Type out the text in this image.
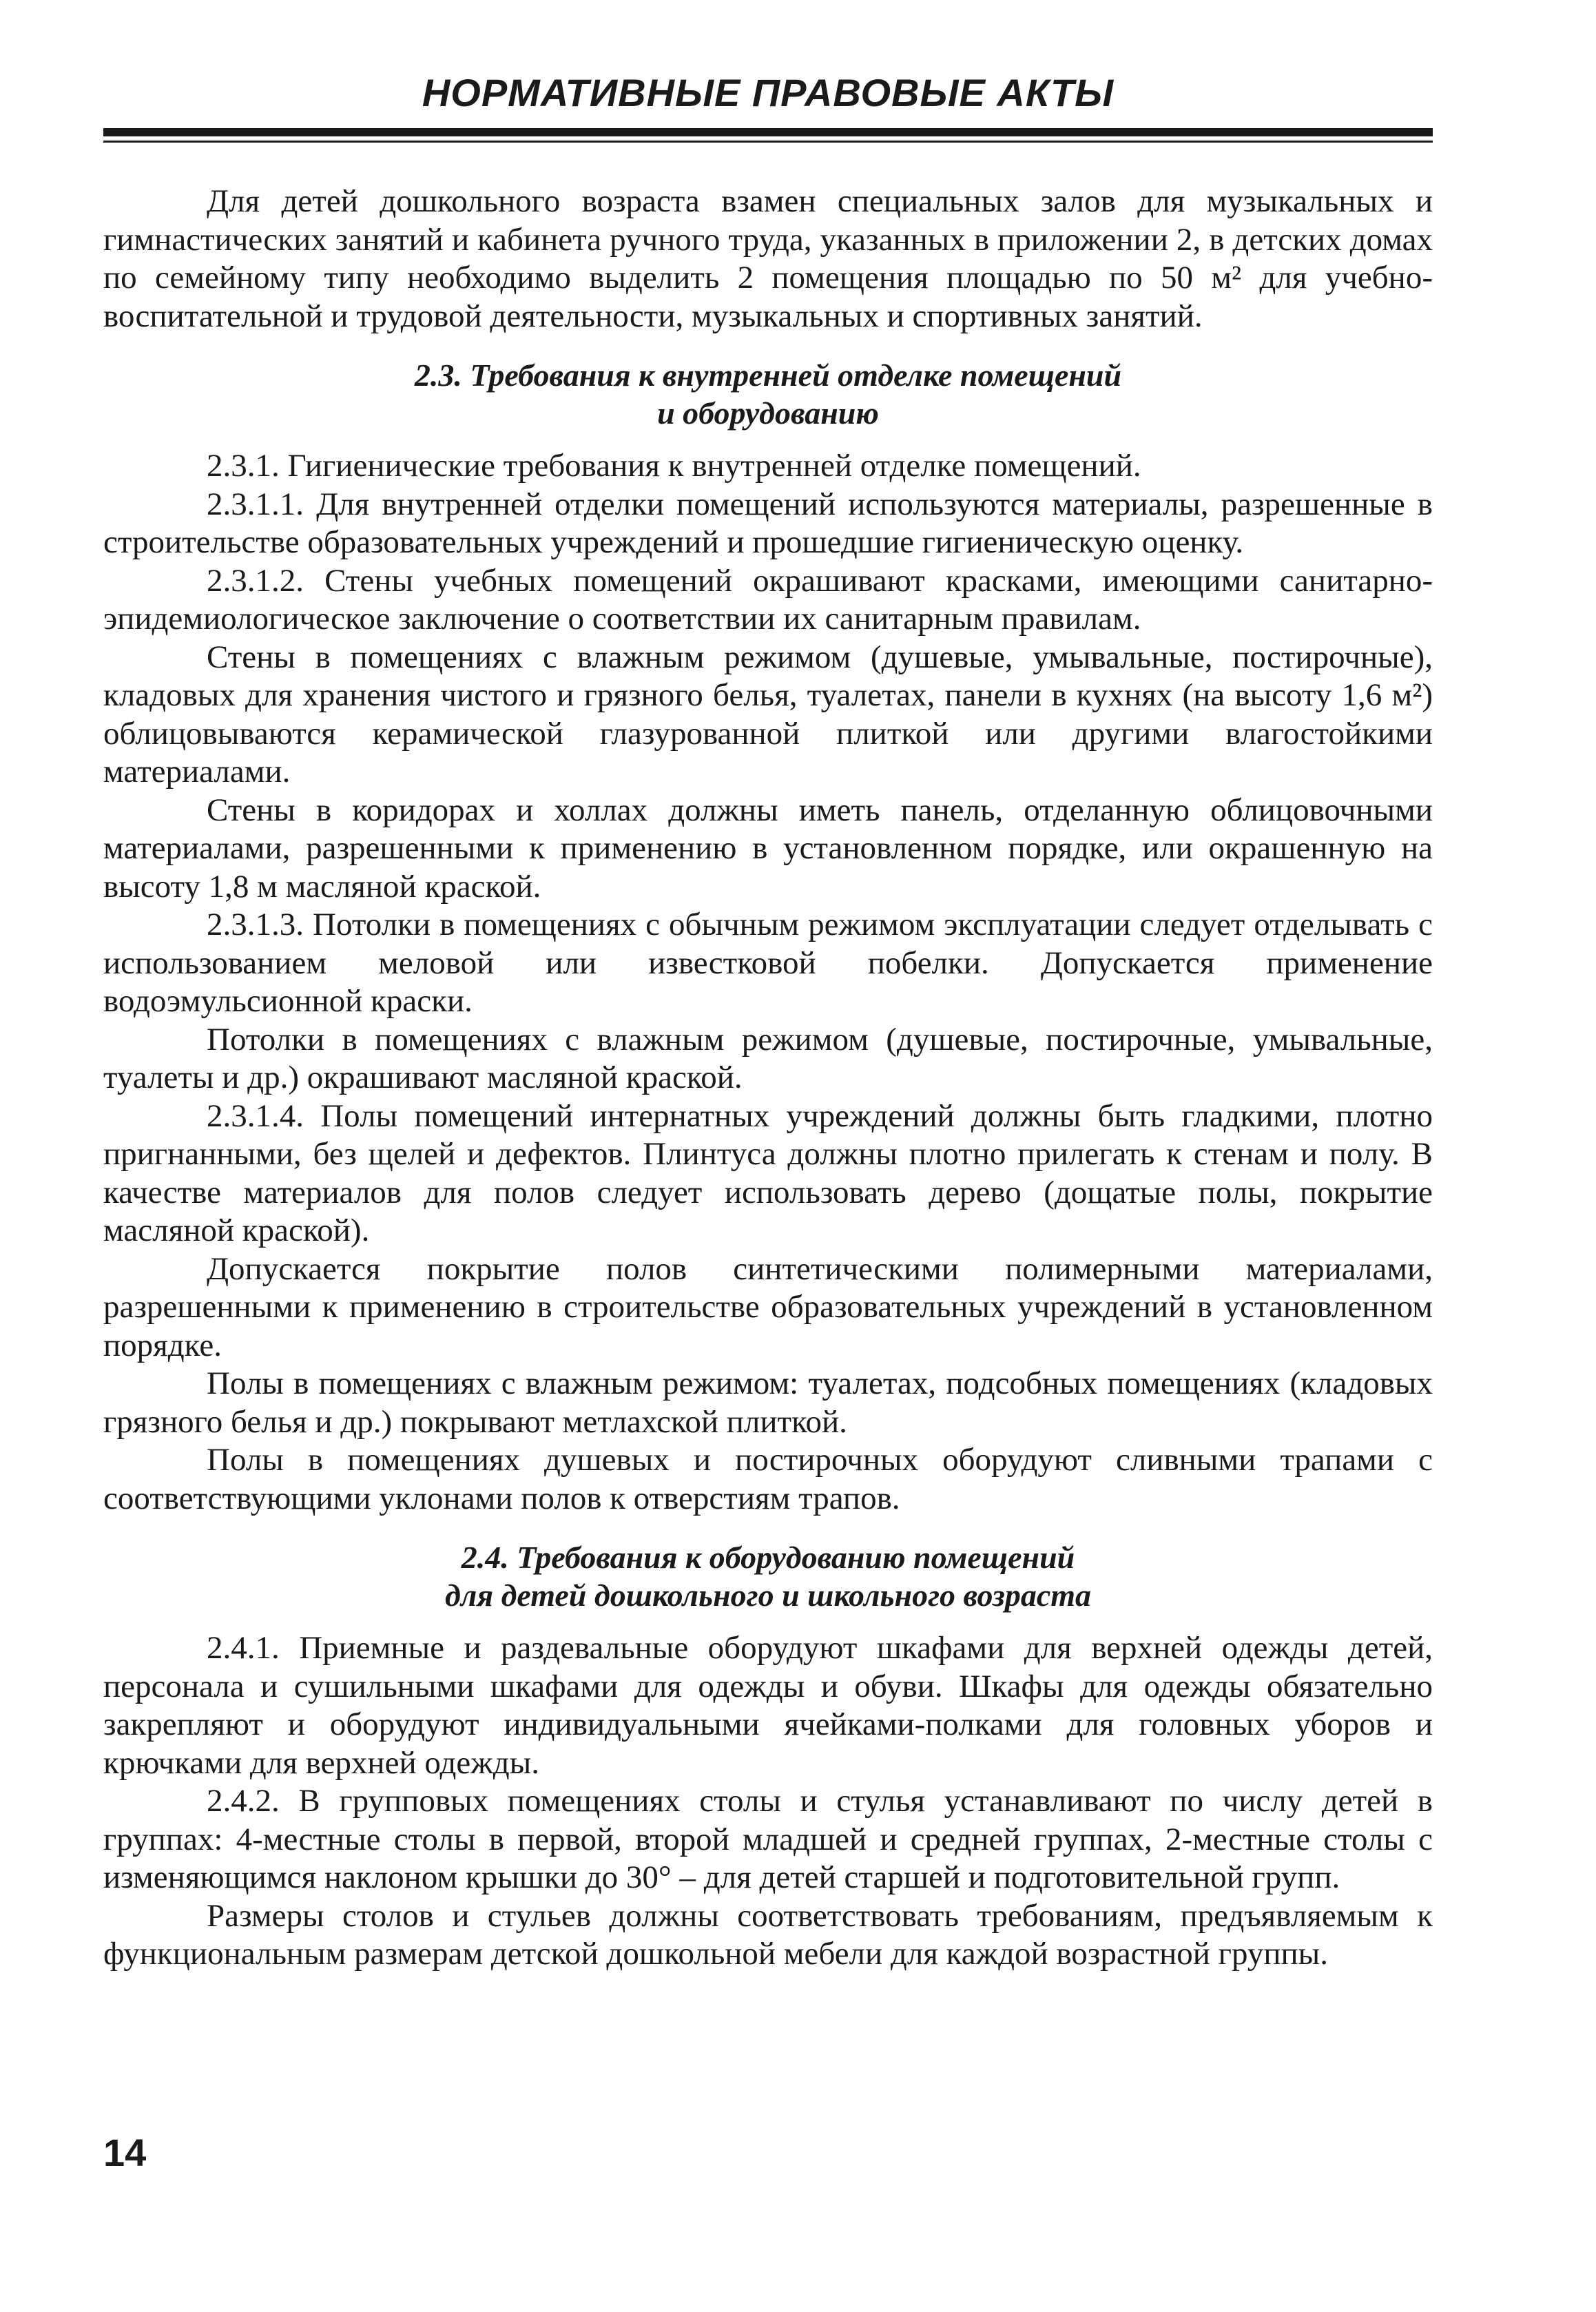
НОРМАТИВНЫЕ ПРАВОВЫЕ АКТЫ

Для детей дошкольного возраста взамен специальных залов для музыкальных и гимнастических занятий и кабинета ручного труда, указанных в приложении 2, в детских домах по семейному типу необходимо выделить 2 помещения площадью по 50 м² для учебно-воспитательной и трудовой деятельности, музыкальных и спортивных занятий.

2.3. Требования к внутренней отделке помещений
и оборудованию

2.3.1. Гигиенические требования к внутренней отделке помещений.

2.3.1.1. Для внутренней отделки помещений используются материалы, разрешенные в строительстве образовательных учреждений и прошедшие гигиеническую оценку.

2.3.1.2. Стены учебных помещений окрашивают красками, имеющими санитарно-эпидемиологическое заключение о соответствии их санитарным правилам.

Стены в помещениях с влажным режимом (душевые, умывальные, постирочные), кладовых для хранения чистого и грязного белья, туалетах, панели в кухнях (на высоту 1,6 м²) облицовываются керамической глазурованной плиткой или другими влагостойкими материалами.

Стены в коридорах и холлах должны иметь панель, отделанную облицовочными материалами, разрешенными к применению в установленном порядке, или окрашенную на высоту 1,8 м масляной краской.

2.3.1.3. Потолки в помещениях с обычным режимом эксплуатации следует отделывать с использованием меловой или известковой побелки. Допускается применение водоэмульсионной краски.

Потолки в помещениях с влажным режимом (душевые, постирочные, умывальные, туалеты и др.) окрашивают масляной краской.

2.3.1.4. Полы помещений интернатных учреждений должны быть гладкими, плотно пригнанными, без щелей и дефектов. Плинтуса должны плотно прилегать к стенам и полу. В качестве материалов для полов следует использовать дерево (дощатые полы, покрытие масляной краской).

Допускается покрытие полов синтетическими полимерными материалами, разрешенными к применению в строительстве образовательных учреждений в установленном порядке.

Полы в помещениях с влажным режимом: туалетах, подсобных помещениях (кладовых грязного белья и др.) покрывают метлахской плиткой.

Полы в помещениях душевых и постирочных оборудуют сливными трапами с соответствующими уклонами полов к отверстиям трапов.

2.4. Требования к оборудованию помещений
для детей дошкольного и школьного возраста

2.4.1. Приемные и раздевальные оборудуют шкафами для верхней одежды детей, персонала и сушильными шкафами для одежды и обуви. Шкафы для одежды обязательно закрепляют и оборудуют индивидуальными ячейками-полками для головных уборов и крючками для верхней одежды.

2.4.2. В групповых помещениях столы и стулья устанавливают по числу детей в группах: 4-местные столы в первой, второй младшей и средней группах, 2-местные столы с изменяющимся наклоном крышки до 30° – для детей старшей и подготовительной групп.

Размеры столов и стульев должны соответствовать требованиям, предъявляемым к функциональным размерам детской дошкольной мебели для каждой возрастной группы.

14
